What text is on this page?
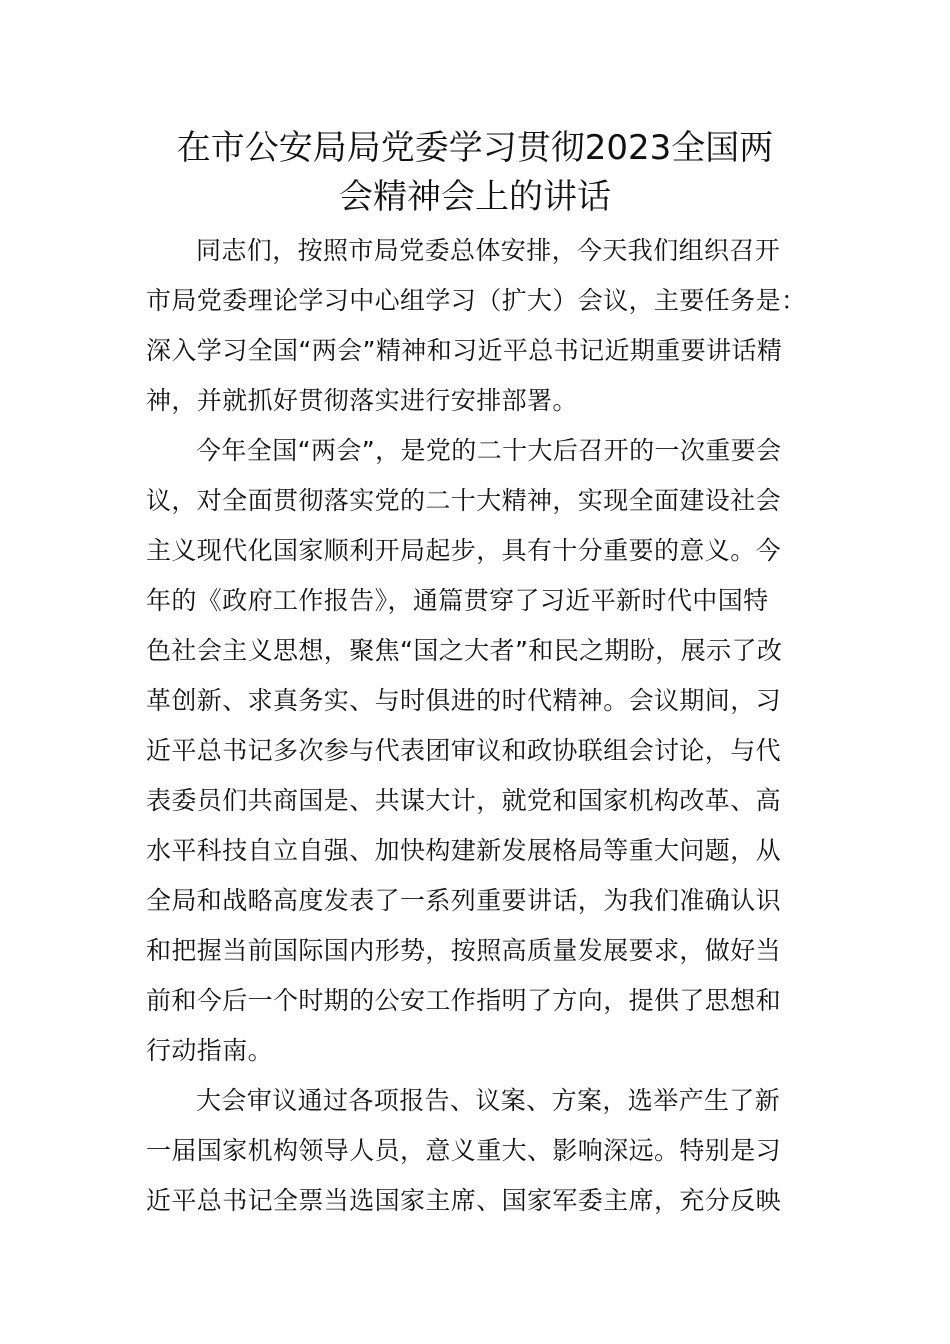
在市公安局局党委学习贯彻2023全国两
会精神会上的讲话
同志们，按照市局党委总体安排，今天我们组织召开
市局党委理论学习中心组学习（扩大）会议，主要任务是：
深入学习全国“两会”精神和习近平总书记近期重要讲话精
神，并就抓好贯彻落实进行安排部署。
今年全国“两会”，是党的二十大后召开的一次重要会
议，对全面贯彻落实党的二十大精神，实现全面建设社会
主义现代化国家顺利开局起步，具有十分重要的意义。今
年的《政府工作报告》，通篇贯穿了习近平新时代中国特
色社会主义思想，聚焦“国之大者”和民之期盼，展示了改
革创新、求真务实、与时俱进的时代精神。会议期间，习
近平总书记多次参与代表团审议和政协联组会讨论，与代
表委员们共商国是、共谋大计，就党和国家机构改革、高
水平科技自立自强、加快构建新发展格局等重大问题，从
全局和战略高度发表了一系列重要讲话，为我们准确认识
和把握当前国际国内形势，按照高质量发展要求，做好当
前和今后一个时期的公安工作指明了方向，提供了思想和
行动指南。
大会审议通过各项报告、议案、方案，选举产生了新
一届国家机构领导人员，意义重大、影响深远。特别是习
近平总书记全票当选国家主席、国家军委主席，充分反映
